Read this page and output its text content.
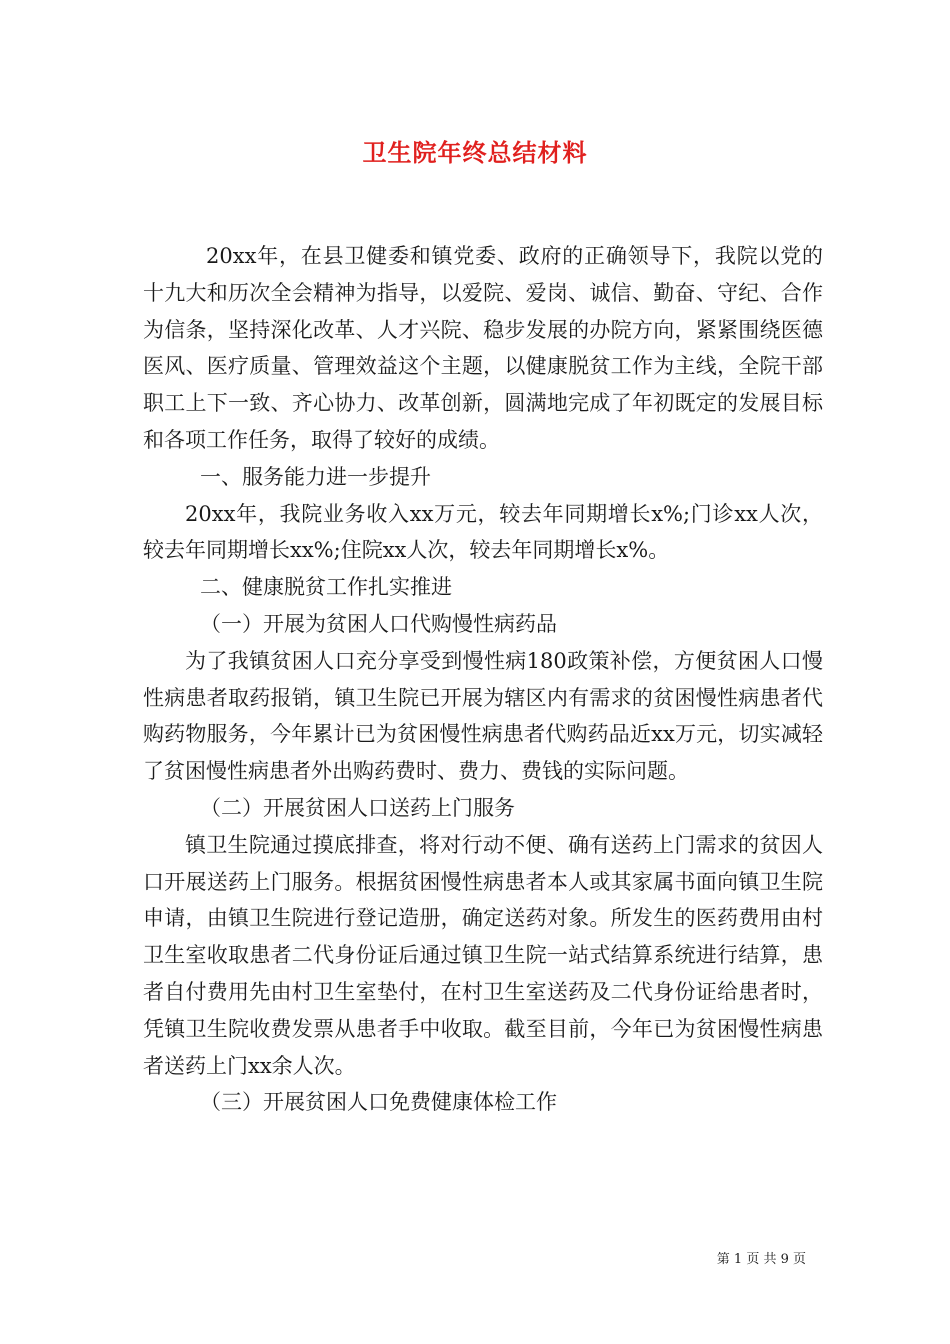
卫生院年终总结材料

20xx年，在县卫健委和镇党委、政府的正确领导下，我院以党的十九大和历次全会精神为指导，以爱院、爱岗、诚信、勤奋、守纪、合作为信条，坚持深化改革、人才兴院、稳步发展的办院方向，紧紧围绕医德医风、医疗质量、管理效益这个主题，以健康脱贫工作为主线，全院干部职工上下一致、齐心协力、改革创新，圆满地完成了年初既定的发展目标和各项工作任务，取得了较好的成绩。

一、服务能力进一步提升

20xx年，我院业务收入xx万元，较去年同期增长x%;门诊xx人次，较去年同期增长xx%;住院xx人次，较去年同期增长x%。

二、健康脱贫工作扎实推进

（一）开展为贫困人口代购慢性病药品

为了我镇贫困人口充分享受到慢性病180政策补偿，方便贫困人口慢性病患者取药报销，镇卫生院已开展为辖区内有需求的贫困慢性病患者代购药物服务，今年累计已为贫困慢性病患者代购药品近xx万元，切实减轻了贫困慢性病患者外出购药费时、费力、费钱的实际问题。

（二）开展贫困人口送药上门服务

镇卫生院通过摸底排查，将对行动不便、确有送药上门需求的贫因人口开展送药上门服务。根据贫困慢性病患者本人或其家属书面向镇卫生院申请，由镇卫生院进行登记造册，确定送药对象。所发生的医药费用由村卫生室收取患者二代身份证后通过镇卫生院一站式结算系统进行结算，患者自付费用先由村卫生室垫付，在村卫生室送药及二代身份证给患者时，凭镇卫生院收费发票从患者手中收取。截至目前，今年已为贫困慢性病患者送药上门xx余人次。

（三）开展贫困人口免费健康体检工作

第 1 页 共 9 页
